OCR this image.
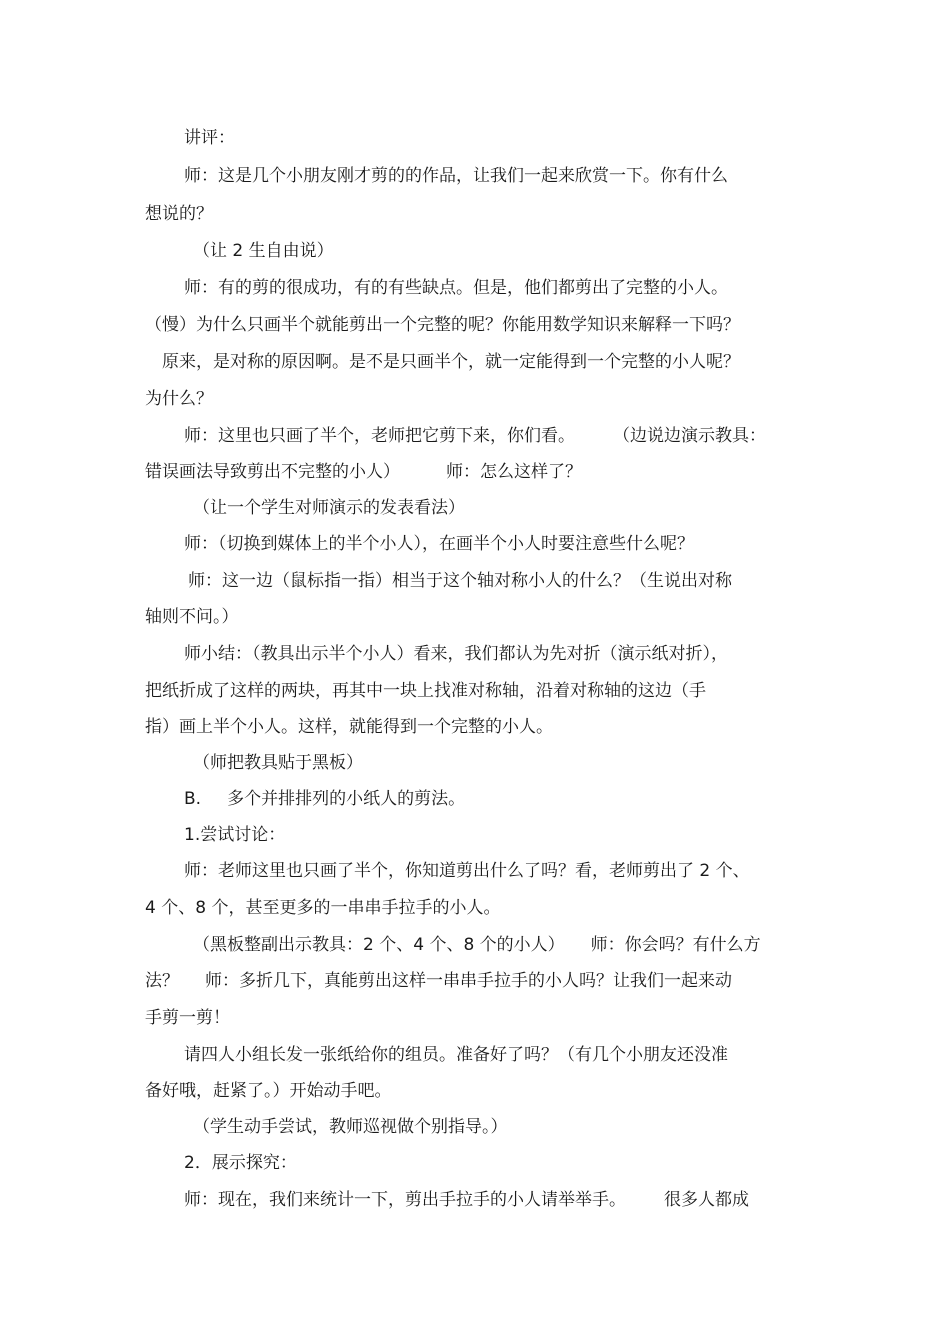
讲评：
师：这是几个小朋友刚才剪的的作品，让我们一起来欣赏一下。你有什么
想说的？
（让 2 生自由说）
师：有的剪的很成功，有的有些缺点。但是，他们都剪出了完整的小人。
（慢）为什么只画半个就能剪出一个完整的呢？你能用数学知识来解释一下吗？
原来，是对称的原因啊。是不是只画半个，就一定能得到一个完整的小人呢？
为什么？
师：这里也只画了半个，老师把它剪下来，你们看。 （边说边演示教具：
错误画法导致剪出不完整的小人）	师：怎么这样了？
（让一个学生对师演示的发表看法）
师：（切换到媒体上的半个小人），在画半个小人时要注意些什么呢？
师：这一边（鼠标指一指）相当于这个轴对称小人的什么？（生说出对称
轴则不问。）
师小结：（教具出示半个小人）看来，我们都认为先对折（演示纸对折），
把纸折成了这样的两块，再其中一块上找准对称轴，沿着对称轴的这边（手
指）画上半个小人。这样，就能得到一个完整的小人。
（师把教具贴于黑板）
B. 多个并排排列的小纸人的剪法。
1.尝试讨论：
师：老师这里也只画了半个，你知道剪出什么了吗？看，老师剪出了 2 个、
4 个、8 个，甚至更多的一串串手拉手的小人。
（黑板整副出示教具：2 个、4 个、8 个的小人） 师：你会吗？有什么方
法？ 师：多折几下，真能剪出这样一串串手拉手的小人吗？让我们一起来动
手剪一剪！
请四人小组长发一张纸给你的组员。准备好了吗？（有几个小朋友还没准
备好哦，赶紧了。）开始动手吧。
（学生动手尝试，教师巡视做个别指导。）
2．展示探究：
师：现在，我们来统计一下，剪出手拉手的小人请举举手。 很多人都成
